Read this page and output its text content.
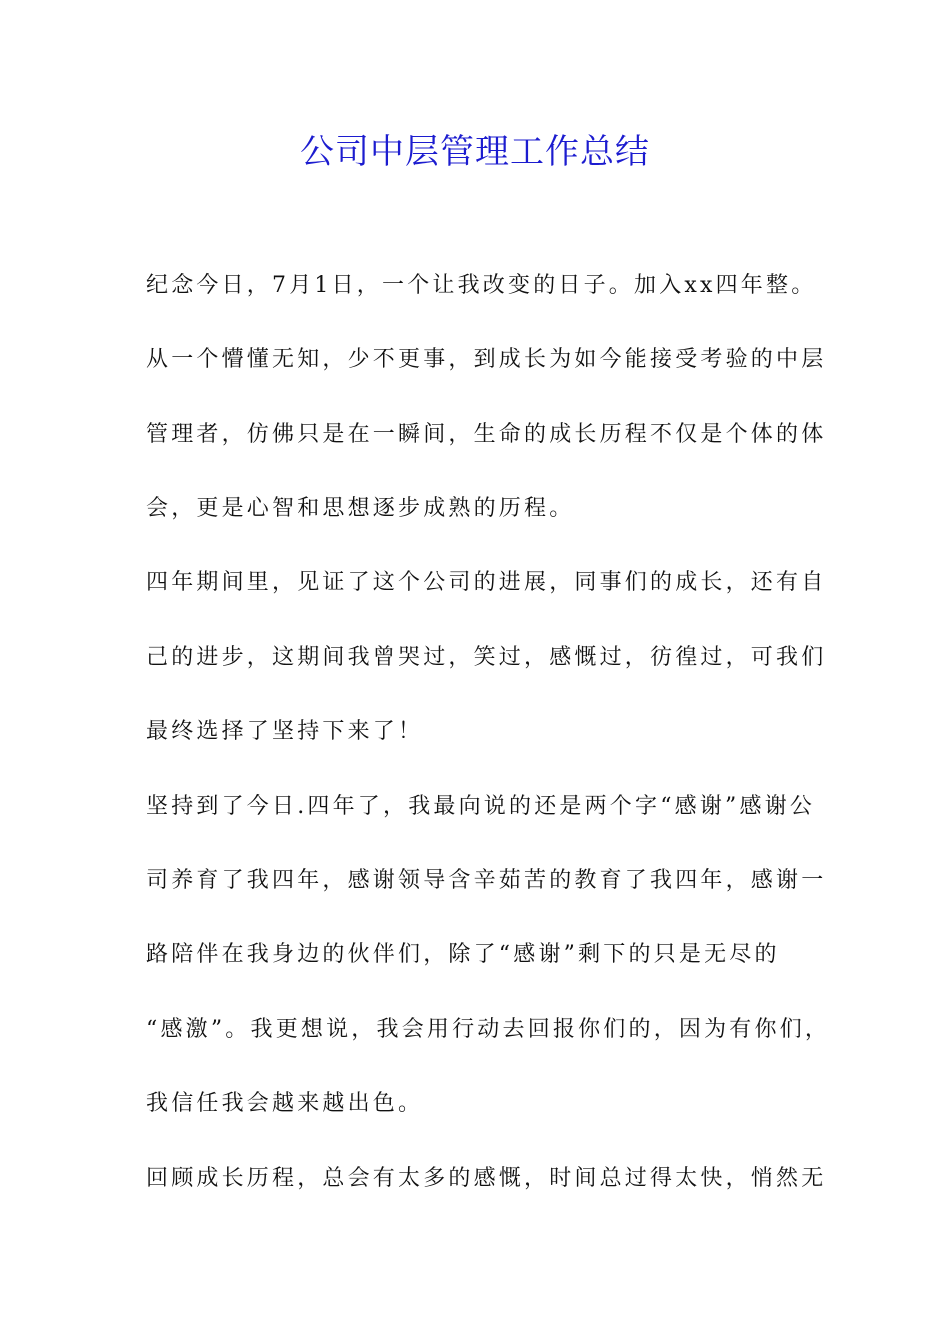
公司中层管理工作总结
纪念今日，7月1日，一个让我改变的日子。加入xx四年整。
从一个懵懂无知，少不更事，到成长为如今能接受考验的中层
管理者，仿佛只是在一瞬间，生命的成长历程不仅是个体的体
会，更是心智和思想逐步成熟的历程。
四年期间里，见证了这个公司的进展，同事们的成长，还有自
己的进步，这期间我曾哭过，笑过，感慨过，彷徨过，可我们
最终选择了坚持下来了！
坚持到了今日.四年了，我最向说的还是两个字“感谢”感谢公
司养育了我四年，感谢领导含辛茹苦的教育了我四年，感谢一
路陪伴在我身边的伙伴们，除了“感谢”剩下的只是无尽的
“感激”。我更想说，我会用行动去回报你们的，因为有你们，
我信任我会越来越出色。
回顾成长历程，总会有太多的感慨，时间总过得太快，悄然无
